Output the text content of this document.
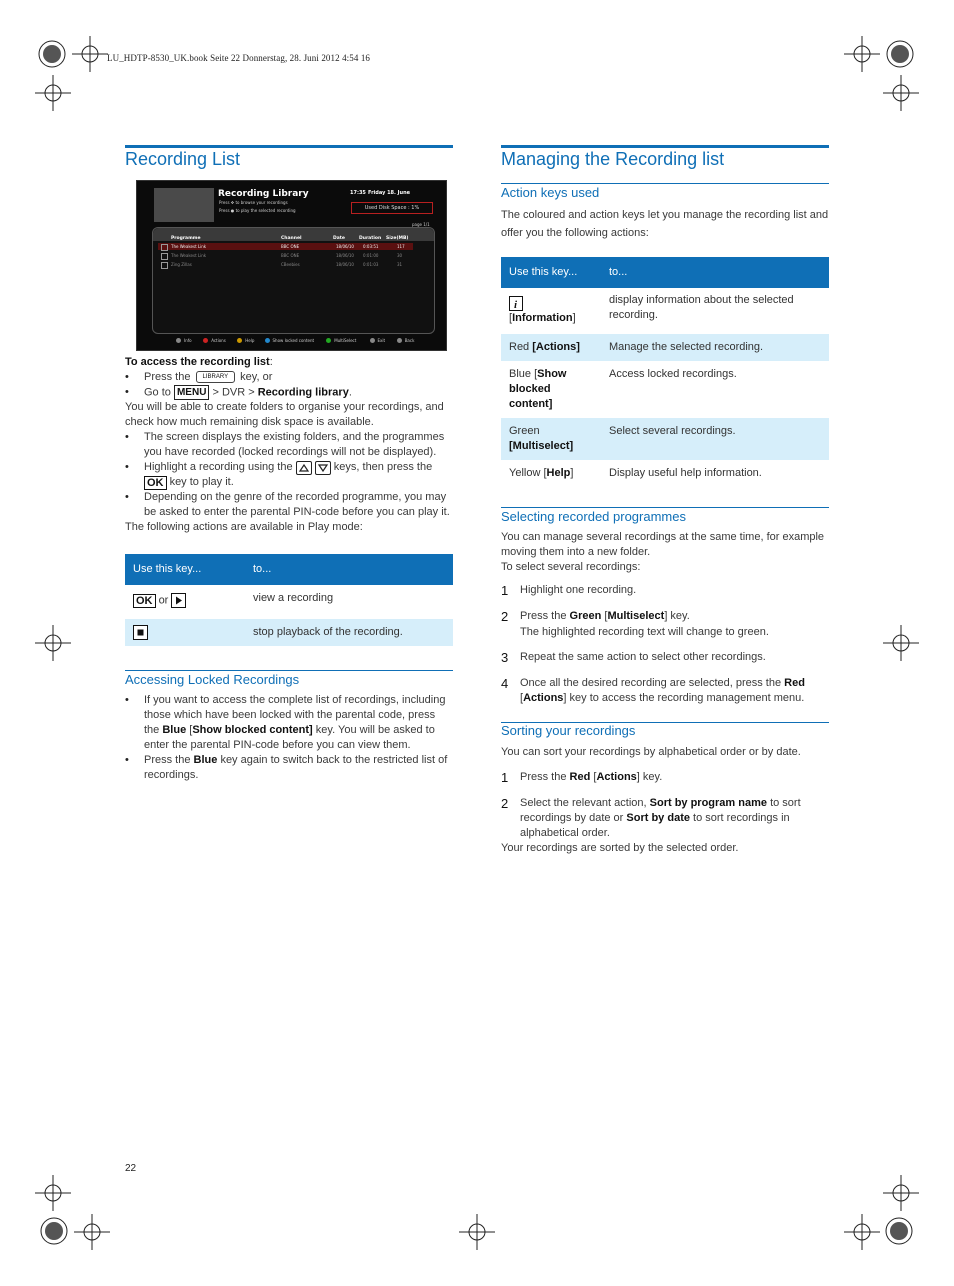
LU_HDTP-8530_UK.book Seite 22 Donnerstag, 28. Juni 2012 4:54 16
Recording List
Recording Library	17:35 Friday 18. June
Press ✥ to browse your recordings
Press ● to play the selected recording	Used Disk Space : 1%
page 1/1
Programme	Channel	Date	Duration Size(MB)
The Weakest Link	BBC ONE	18/06/10 0:03:51	117
The Weakest Link	BBC ONE	18/06/10 0:01:00	30
Zing Zillas	CBeebies	18/06/10 0:01:03	31
Info	Actions	Help	Show locked content	MultiSelect	Exit	Back

To access the recording list:

• Press the LIBRARY key, or
• Go to MENU > DVR > Recording library.

You will be able to create folders to organise your recordings, and check how much remaining disk space is available.

• The screen displays the existing folders, and the programmes you have recorded (locked recordings will not be displayed).
• Highlight a recording using the
	keys, then press the
OK key to play it.
• Depending on the genre of the recorded programme, you may be asked to enter the parental PIN-code before you can play it.

The following actions are available in Play mode:

Use this key...	to...
OK or	view a recording
	stop playback of the recording.
Accessing Locked Recordings
• If you want to access the complete list of recordings, including those which have been locked with the parental code, press the Blue [Show blocked content] key. You will be asked to enter the parental PIN-code before you can view them.
• Press the Blue key again to switch back to the restricted list of recordings.
Managing the Recording list
Action keys used

The coloured and action keys let you manage the recording list and offer you the following actions:

Use this key...	to...

i

[Information]	display information about the selected recording.
Red [Actions]	Manage the selected recording.
Blue [Show blocked content]	Access locked recordings.
Green [Multiselect]	Select several recordings.
Yellow [Help]	Display useful help information.
Selecting recorded programmes

You can manage several recordings at the same time, for example moving them into a new folder.

To select several recordings:

1 Highlight one recording.
2 Press the Green [Multiselect] key.
The highlighted recording text will change to green.
3 Repeat the same action to select other recordings.
4 Once all the desired recording are selected, press the Red [Actions] key to access the recording management menu.
Sorting your recordings

You can sort your recordings by alphabetical order or by date.

1 Press the Red [Actions] key.
2 Select the relevant action, Sort by program name to sort recordings by date or Sort by date to sort recordings in alphabetical order.

Your recordings are sorted by the selected order.

22
